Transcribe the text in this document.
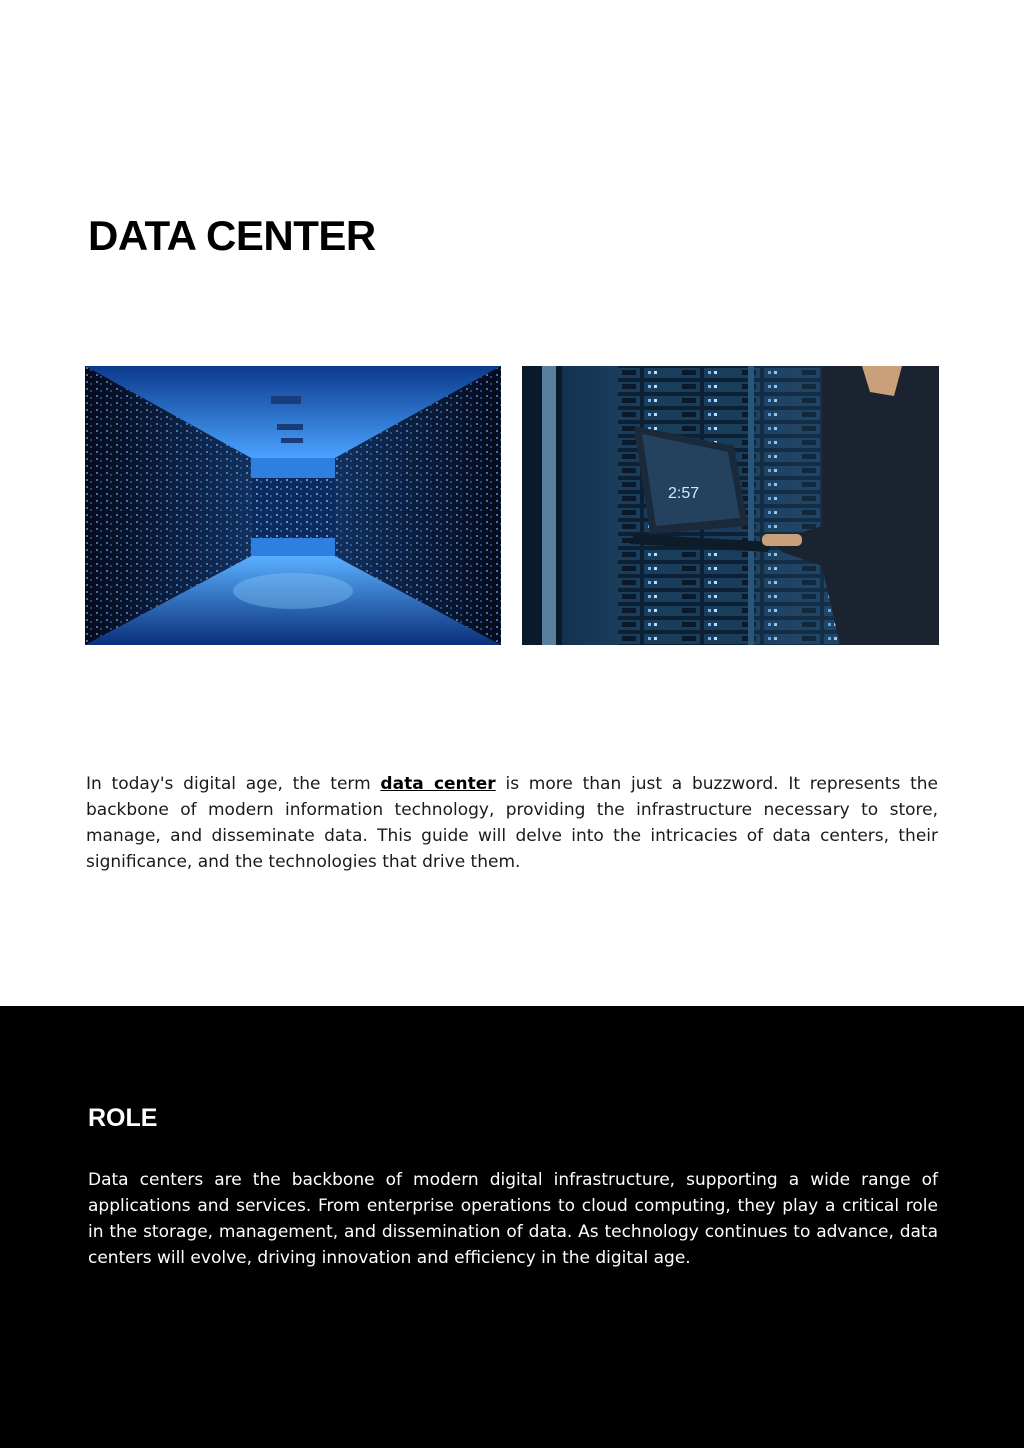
DATA CENTER
2:57

In today's digital age, the term data center is more than just a buzzword. It represents the backbone of modern information technology, providing the infrastructure necessary to store, manage, and disseminate data. This guide will delve into the intricacies of data centers, their significance, and the technologies that drive them.

ROLE

Data centers are the backbone of modern digital infrastructure, supporting a wide range of applications and services. From enterprise operations to cloud computing, they play a critical role in the storage, management, and dissemination of data. As technology continues to advance, data centers will evolve, driving innovation and efficiency in the digital age.
